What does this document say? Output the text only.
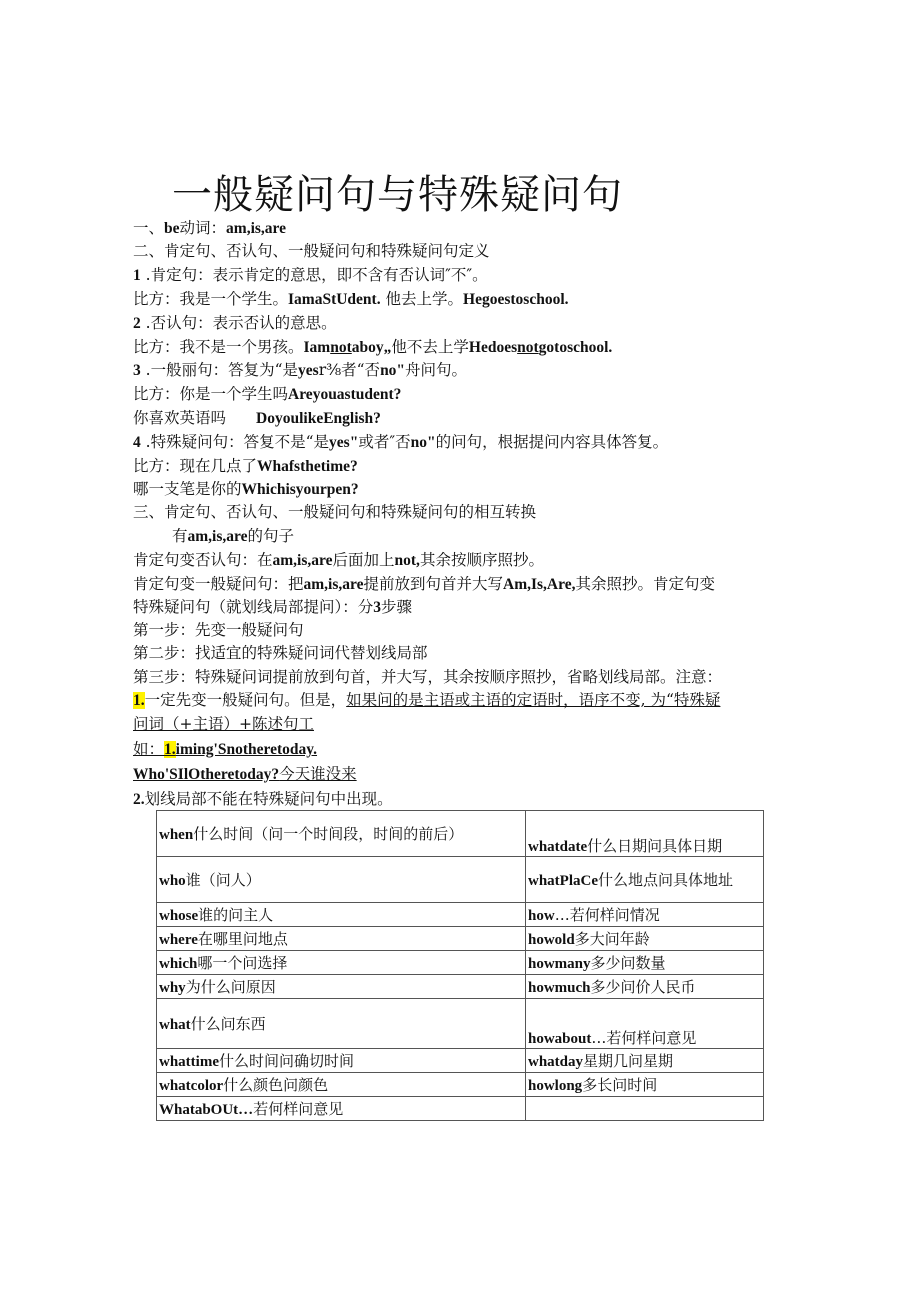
一般疑问句与特殊疑问句
一、be动词：am,is,are
二、肯定句、否认句、一般疑问句和特殊疑问句定义
1 .肯定句：表示肯定的意思，即不含有否认词″不″。
比方：我是一个学生。IamaStUdent. 他去上学。Hegoestoschool.
2 .否认句：表示否认的意思。
比方：我不是一个男孩。Iamnotaboy„他不去上学Hedoesnotgotoschool.
3 .一般丽句：答复为“是yesr⅜者“否no"舟问句。
比方：你是一个学生吗Areyouastudent?
你喜欢英语吗 DoyoulikeEnglish?
4 .特殊疑问句：答复不是“是yes"或者″否no"的问句，根据提问内容具体答复。
比方：现在几点了Whafsthetime?
哪一支笔是你的Whichisyourpen?
三、肯定句、否认句、一般疑问句和特殊疑问句的相互转换
有am,is,are的句子
肯定句变否认句：在am,is,are后面加上not,其余按顺序照抄。
肯定句变一般疑问句：把am,is,are提前放到句首并大写Am,Is,Are,其余照抄。肯定句变
特殊疑问句（就划线局部提问）：分3步骤
第一步：先变一般疑问句
第二步：找适宜的特殊疑问词代替划线局部
第三步：特殊疑问词提前放到句首，并大写，其余按顺序照抄，省略划线局部。注意：
1.一定先变一般疑问句。但是，如果问的是主语或主语的定语时，语序不变, 为“特殊疑
问词（+主语）+陈述句工
如：1.iming'Snotheretoday.
Who'SIlOtheretoday?今天谁没来
2.划线局部不能在特殊疑问句中出现。
when什么时间（问一个时间段，时间的前后）	whatdate什么日期问具体日期
who谁（问人）	whatPlaCe什么地点问具体地址
whose谁的问主人	how…若何样问情况
where在哪里问地点	howold多大问年龄
which哪一个问选择	howmany多少问数量
why为什么问原因	howmuch多少问价人民币
what什么问东西	howabout…若何样问意见
whattime什么时间问确切时间	whatday星期几问星期
whatcolor什么颜色问颜色	howlong多长问时间
WhatabOUt…若何样问意见	
